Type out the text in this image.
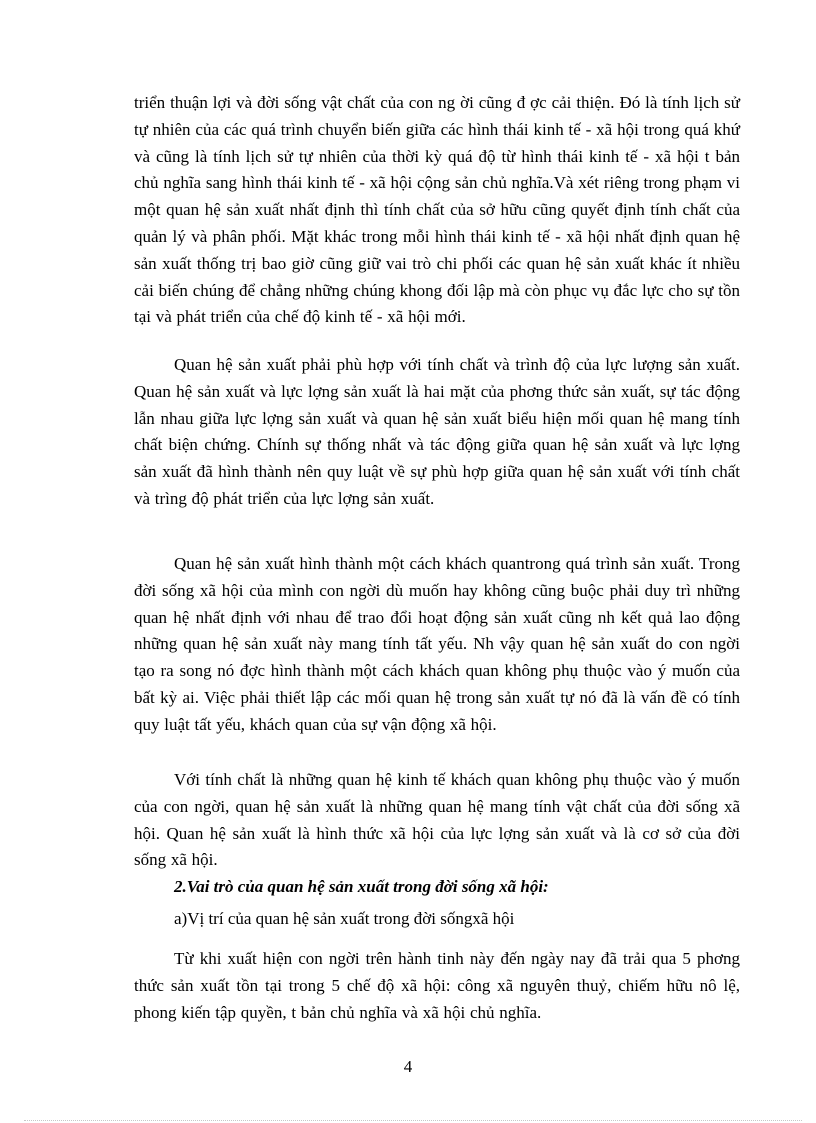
triển thuận lợi và đời sống vật chất của con ng ời cũng đ ợc cải thiện. Đó là tính lịch sử tự nhiên của các quá trình chuyển biến giữa các hình thái kinh tế - xã hội trong quá khứ và cũng là tính lịch sử tự nhiên của thời kỳ quá độ từ hình thái kinh tế - xã hội t bản chủ nghĩa sang hình thái kinh tế - xã hội cộng sản chủ nghĩa.Và xét riêng trong phạm vi một quan hệ sản xuất nhất định thì tính chất của sở hữu cũng quyết định tính chất của quản lý và phân phối. Mặt khác trong mỗi hình thái kinh tế - xã hội nhất định quan hệ sản xuất thống trị bao giờ cũng giữ vai trò chi phối các quan hệ sản xuất khác ít nhiều cải biến chúng để chẳng những chúng khong đối lập mà còn phục vụ đắc lực cho sự tồn tại và phát triển của chế độ kinh tế - xã hội mới.

Quan hệ sản xuất phải phù hợp với tính chất và trình độ của lực lượng sản xuất. Quan hệ sản xuất và lực lợng sản xuất là hai mặt của phơng thức sản xuất, sự tác động lẫn nhau giữa lực lợng sản xuất và quan hệ sản xuất biểu hiện mối quan hệ mang tính chất biện chứng. Chính sự thống nhất và tác động giữa quan hệ sản xuất và lực lợng sản xuất đã hình thành nên quy luật về sự phù hợp giữa quan hệ sản xuất với tính chất và trìng độ phát triển của lực lợng sản xuất.

Quan hệ sản xuất hình thành một cách khách quantrong quá trình sản xuất. Trong đời sống xã hội của mình con ngời dù muốn hay không cũng buộc phải duy trì những quan hệ nhất định với nhau để trao đổi hoạt động sản xuất cũng nh kết quả lao động những quan hệ sản xuất này mang tính tất yếu. Nh vậy quan hệ sản xuất do con ngời tạo ra song nó đợc hình thành một cách khách quan không phụ thuộc vào ý muốn của bất kỳ ai. Việc phải thiết lập các mối quan hệ trong sản xuất tự nó đã là vấn đề có tính quy luật tất yếu, khách quan của sự vận động xã hội.

Với tính chất là những quan hệ kinh tế khách quan không phụ thuộc vào ý muốn của con ngời, quan hệ sản xuất là những quan hệ mang tính vật chất của đời sống xã hội. Quan hệ sản xuất là hình thức xã hội của lực lợng sản xuất và là cơ sở của đời sống xã hội.

2.Vai trò của quan hệ sản xuất trong đời sống xã hội:

a)Vị trí của quan hệ sản xuất trong đời sốngxã hội

Từ khi xuất hiện con ngời trên hành tinh này đến ngày nay đã trải qua 5 phơng thức sản xuất tồn tại trong 5 chế độ xã hội: công xã nguyên thuỷ, chiếm hữu nô lệ, phong kiến tập quyền, t bản chủ nghĩa và xã hội chủ nghĩa.

4
